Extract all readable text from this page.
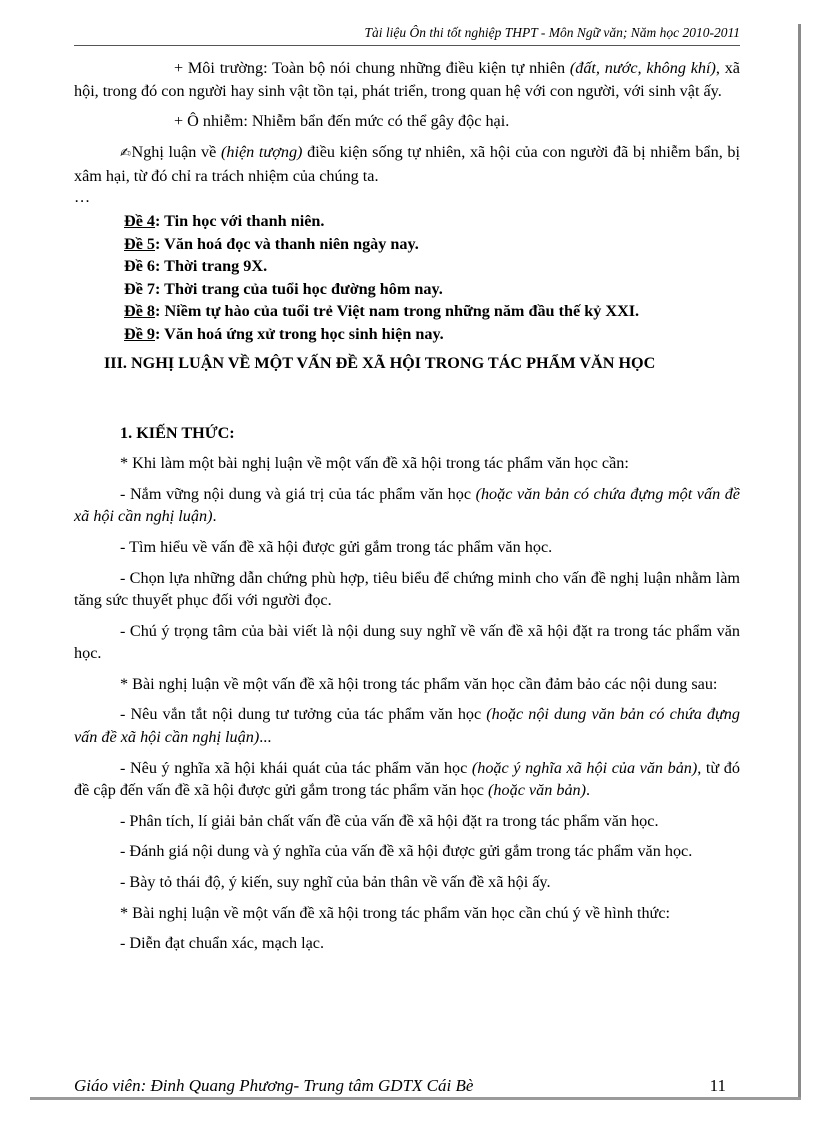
Tài liệu Ôn thi tốt nghiệp THPT - Môn Ngữ văn; Năm học 2010-2011

+ Môi trường: Toàn bộ nói chung những điều kiện tự nhiên (đất, nước, không khí), xã hội, trong đó con người hay sinh vật tồn tại, phát triển, trong quan hệ với con người, với sinh vật ấy.

+ Ô nhiễm: Nhiễm bẩn đến mức có thể gây độc hại.

✍Nghị luận về (hiện tượng) điều kiện sống tự nhiên, xã hội của con người đã bị nhiễm bẩn, bị xâm hại, từ đó chỉ ra trách nhiệm của chúng ta.

…

Đề 4: Tin học với thanh niên.

Đề 5: Văn hoá đọc và thanh niên ngày nay.

Đề 6: Thời trang 9X.

Đề 7: Thời trang của tuổi học đường hôm nay.

Đề 8: Niềm tự hào của tuổi trẻ Việt nam trong những năm đầu thế kỷ XXI.

Đề 9: Văn hoá ứng xử trong học sinh hiện nay.

III. NGHỊ LUẬN VỀ MỘT VẤN ĐỀ XÃ HỘI TRONG TÁC PHẨM VĂN HỌC

1. KIẾN THỨC:

* Khi làm một bài nghị luận về một vấn đề xã hội trong tác phẩm văn học cần:

- Nắm vững nội dung và giá trị của tác phẩm văn học (hoặc văn bản có chứa đựng một vấn đề xã hội cần nghị luận).

- Tìm hiểu về vấn đề xã hội được gửi gắm trong tác phẩm văn học.

- Chọn lựa những dẫn chứng phù hợp, tiêu biểu để chứng minh cho vấn đề nghị luận nhằm làm tăng sức thuyết phục đối với người đọc.

- Chú ý trọng tâm của bài viết là nội dung suy nghĩ về vấn đề xã hội đặt ra trong tác phẩm văn học.

* Bài nghị luận về một vấn đề xã hội trong tác phẩm văn học cần đảm bảo các nội dung sau:

- Nêu vắn tắt nội dung tư tưởng của tác phẩm văn học (hoặc nội dung văn bản có chứa đựng vấn đề xã hội cần nghị luận)...

- Nêu ý nghĩa xã hội khái quát của tác phẩm văn học (hoặc ý nghĩa xã hội của văn bản), từ đó đề cập đến vấn đề xã hội được gửi gắm trong tác phẩm văn học (hoặc văn bản).

- Phân tích, lí giải bản chất vấn đề của vấn đề xã hội đặt ra trong tác phẩm văn học.

- Đánh giá nội dung và ý nghĩa của vấn đề xã hội được gửi gắm trong tác phẩm văn học.

- Bày tỏ thái độ, ý kiến, suy nghĩ của bản thân về vấn đề xã hội ấy.

* Bài nghị luận về một vấn đề xã hội trong tác phẩm văn học cần chú ý về hình thức:

- Diễn đạt chuẩn xác, mạch lạc.

Giáo viên: Đinh Quang Phương- Trung tâm GDTX Cái Bè	11
